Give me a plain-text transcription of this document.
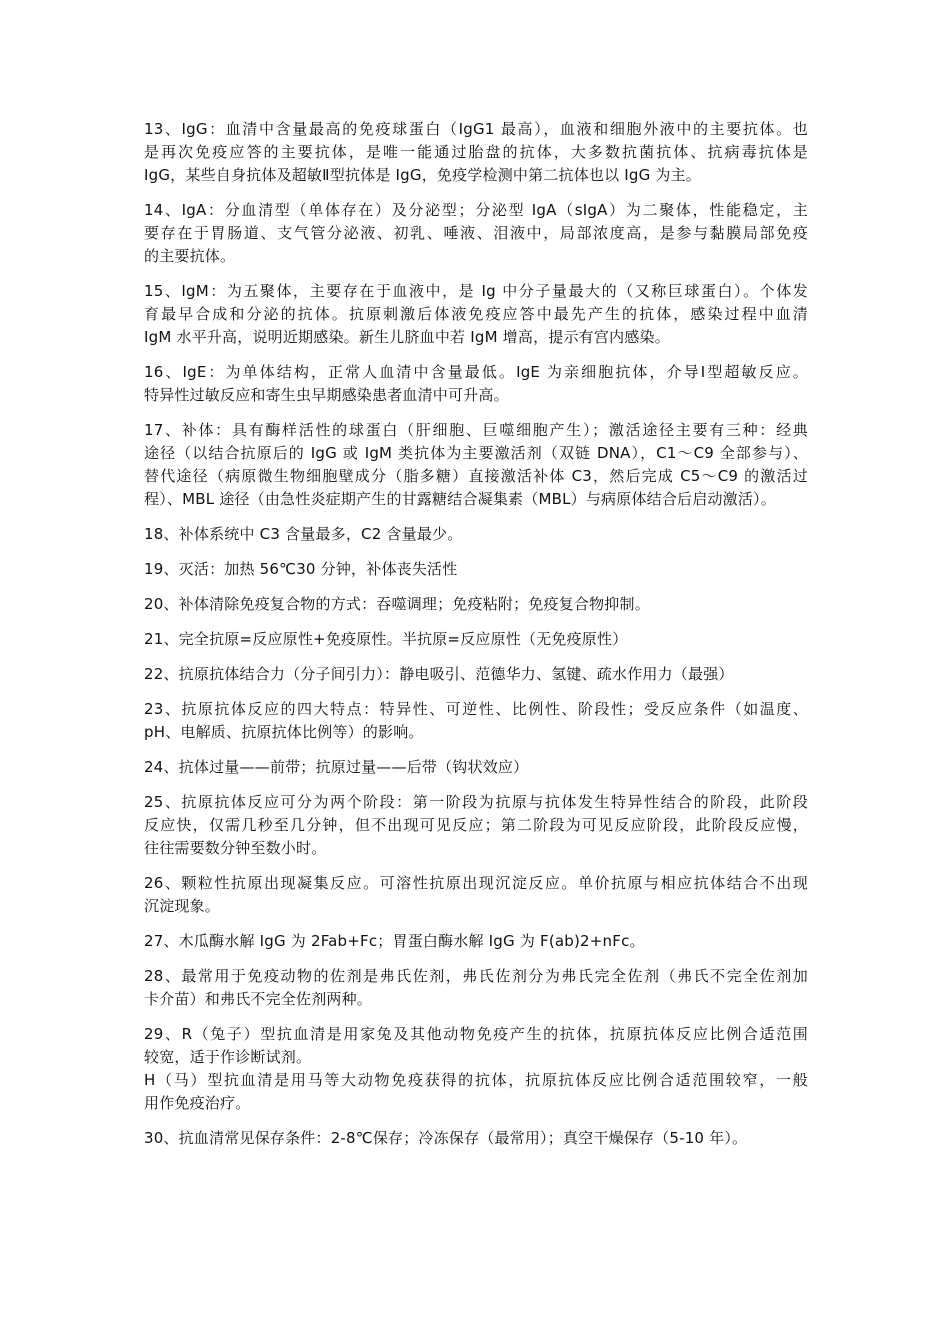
13、IgG：血清中含量最高的免疫球蛋白（IgG1 最高），血液和细胞外液中的主要抗体。也
是再次免疫应答的主要抗体，是唯一能通过胎盘的抗体，大多数抗菌抗体、抗病毒抗体是
IgG，某些自身抗体及超敏Ⅱ型抗体是 IgG，免疫学检测中第二抗体也以 IgG 为主。
14、IgA：分血清型（单体存在）及分泌型；分泌型 IgA（sIgA）为二聚体，性能稳定，主
要存在于胃肠道、支气管分泌液、初乳、唾液、泪液中，局部浓度高，是参与黏膜局部免疫
的主要抗体。
15、IgM：为五聚体，主要存在于血液中，是 Ig 中分子量最大的（又称巨球蛋白）。个体发
育最早合成和分泌的抗体。抗原刺激后体液免疫应答中最先产生的抗体，感染过程中血清
IgM 水平升高，说明近期感染。新生儿脐血中若 IgM 增高，提示有宫内感染。
16、IgE：为单体结构，正常人血清中含量最低。IgE 为亲细胞抗体，介导Ⅰ型超敏反应。
特异性过敏反应和寄生虫早期感染患者血清中可升高。
17、补体：具有酶样活性的球蛋白（肝细胞、巨噬细胞产生）；激活途径主要有三种：经典
途径（以结合抗原后的 IgG 或 IgM 类抗体为主要激活剂（双链 DNA），C1～C9 全部参与）、
替代途径（病原微生物细胞壁成分（脂多糖）直接激活补体 C3，然后完成 C5～C9 的激活过
程）、MBL 途径（由急性炎症期产生的甘露糖结合凝集素（MBL）与病原体结合后启动激活）。
18、补体系统中 C3 含量最多，C2 含量最少。
19、灭活：加热 56℃30 分钟，补体丧失活性
20、补体清除免疫复合物的方式：吞噬调理；免疫粘附；免疫复合物抑制。
21、完全抗原=反应原性+免疫原性。半抗原=反应原性（无免疫原性）
22、抗原抗体结合力（分子间引力）：静电吸引、范德华力、氢键、疏水作用力（最强）
23、抗原抗体反应的四大特点：特异性、可逆性、比例性、阶段性；受反应条件（如温度、
pH、电解质、抗原抗体比例等）的影响。
24、抗体过量——前带；抗原过量——后带（钩状效应）
25、抗原抗体反应可分为两个阶段：第一阶段为抗原与抗体发生特异性结合的阶段，此阶段
反应快，仅需几秒至几分钟，但不出现可见反应；第二阶段为可见反应阶段，此阶段反应慢，
往往需要数分钟至数小时。
26、颗粒性抗原出现凝集反应。可溶性抗原出现沉淀反应。单价抗原与相应抗体结合不出现
沉淀现象。
27、木瓜酶水解 IgG 为 2Fab+Fc；胃蛋白酶水解 IgG 为 F(ab)2+nFc。
28、最常用于免疫动物的佐剂是弗氏佐剂，弗氏佐剂分为弗氏完全佐剂（弗氏不完全佐剂加
卡介苗）和弗氏不完全佐剂两种。
29、R（兔子）型抗血清是用家兔及其他动物免疫产生的抗体，抗原抗体反应比例合适范围
较宽，适于作诊断试剂。
H（马）型抗血清是用马等大动物免疫获得的抗体，抗原抗体反应比例合适范围较窄，一般
用作免疫治疗。
30、抗血清常见保存条件：2-8℃保存；冷冻保存（最常用）；真空干燥保存（5-10 年）。
